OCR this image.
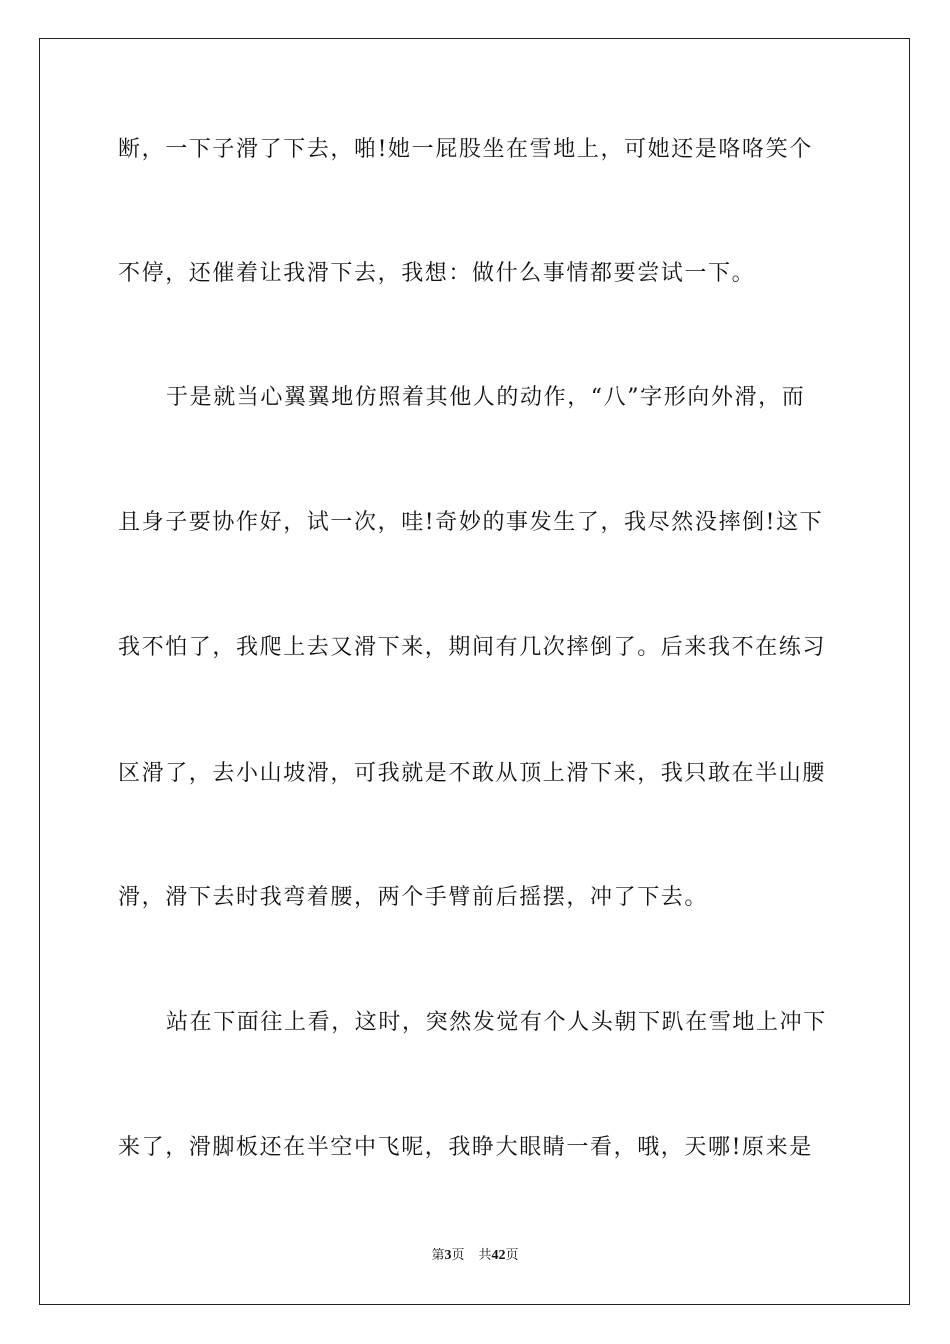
断，一下子滑了下去，啪!她一屁股坐在雪地上，可她还是咯咯笑个
不停，还催着让我滑下去，我想：做什么事情都要尝试一下。
于是就当心翼翼地仿照着其他人的动作，“八”字形向外滑，而
且身子要协作好，试一次，哇!奇妙的事发生了，我尽然没摔倒!这下
我不怕了，我爬上去又滑下来，期间有几次摔倒了。后来我不在练习
区滑了，去小山坡滑，可我就是不敢从顶上滑下来，我只敢在半山腰
滑，滑下去时我弯着腰，两个手臂前后摇摆，冲了下去。
站在下面往上看，这时，突然发觉有个人头朝下趴在雪地上冲下
来了，滑脚板还在半空中飞呢，我睁大眼睛一看，哦，天哪!原来是
第3页 共42页
